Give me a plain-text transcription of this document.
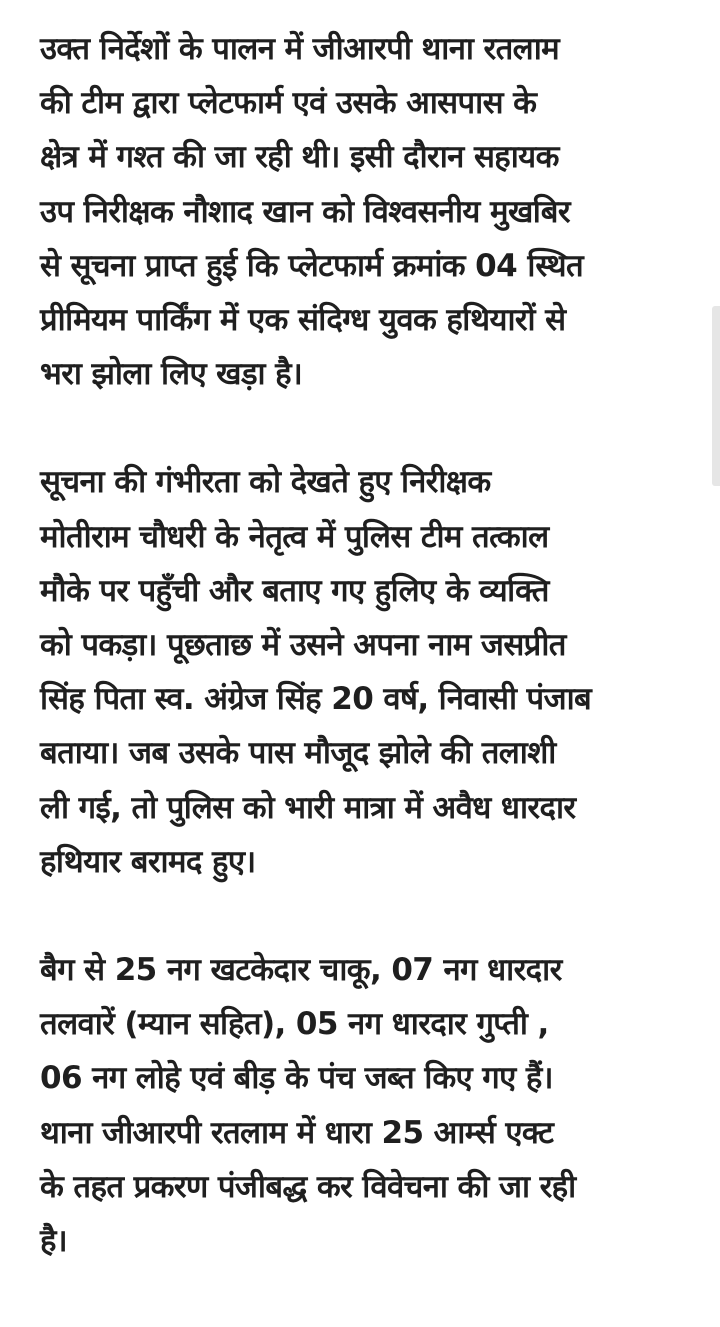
उक्त निर्देशों के पालन में जीआरपी थाना रतलाम
की टीम द्वारा प्लेटफार्म एवं उसके आसपास के
क्षेत्र में गश्त की जा रही थी। इसी दौरान सहायक
उप निरीक्षक नौशाद खान को विश्वसनीय मुखबिर
से सूचना प्राप्त हुई कि प्लेटफार्म क्रमांक 04 स्थित
प्रीमियम पार्किंग में एक संदिग्ध युवक हथियारों से
भरा झोला लिए खड़ा है।

सूचना की गंभीरता को देखते हुए निरीक्षक
मोतीराम चौधरी के नेतृत्व में पुलिस टीम तत्काल
मौके पर पहुँची और बताए गए हुलिए के व्यक्ति
को पकड़ा। पूछताछ में उसने अपना नाम जसप्रीत
सिंह पिता स्व. अंग्रेज सिंह 20 वर्ष, निवासी पंजाब
बताया। जब उसके पास मौजूद झोले की तलाशी
ली गई, तो पुलिस को भारी मात्रा में अवैध धारदार
हथियार बरामद हुए।

बैग से 25 नग खटकेदार चाकू, 07 नग धारदार
तलवारें (म्यान सहित), 05 नग धारदार गुप्ती ,
06 नग लोहे एवं बीड़ के पंच जब्त किए गए हैं।
थाना जीआरपी रतलाम में धारा 25 आर्म्स एक्ट
के तहत प्रकरण पंजीबद्ध कर विवेचना की जा रही
है।
